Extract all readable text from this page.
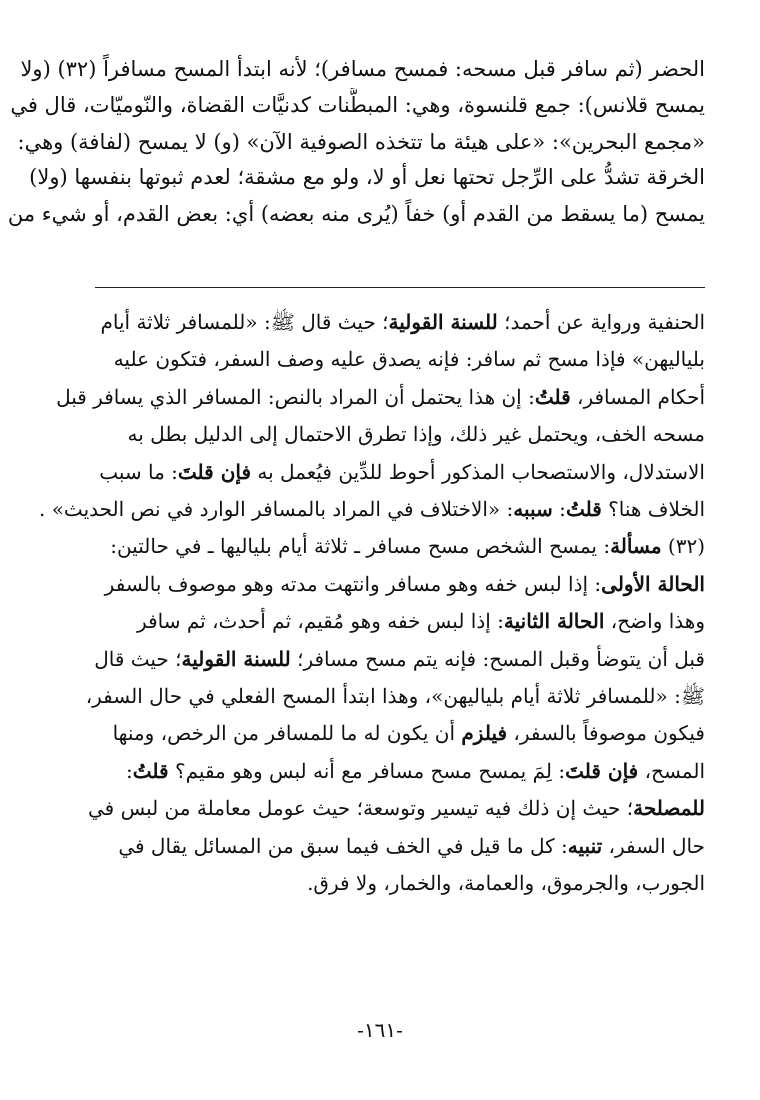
الحضر (ثم سافر قبل مسحه: فمسح مسافر)؛ لأنه ابتدأ المسح مسافراً (٣٢) (ولا
يمسح قلانس): جمع قلنسوة، وهي: المبطَّنات كدنيَّات القضاة، والنّوميّات، قال في
«مجمع البحرين»: «على هيئة ما تتخذه الصوفية الآن» (و) لا يمسح (لفافة) وهي:
الخرقة تشدُّ على الرِّجل تحتها نعل أو لا، ولو مع مشقة؛ لعدم ثبوتها بنفسها (ولا)
يمسح (ما يسقط من القدم أو) خفاً (يُرى منه بعضه) أي: بعض القدم، أو شيء من
الحنفية ورواية عن أحمد؛ للسنة القولية؛ حيث قال ﷺ: «للمسافر ثلاثة أيام
بلياليهن» فإذا مسح ثم سافر: فإنه يصدق عليه وصف السفر، فتكون عليه
أحكام المسافر، قلتُ: إن هذا يحتمل أن المراد بالنص: المسافر الذي يسافر قبل
مسحه الخف، ويحتمل غير ذلك، وإذا تطرق الاحتمال إلى الدليل بطل به
الاستدلال، والاستصحاب المذكور أحوط للدِّين فيُعمل به فإن قلتَ: ما سبب
الخلاف هنا؟ قلتُ: سببه: «الاختلاف في المراد بالمسافر الوارد في نص الحديث» .
(٣٢) مسألة: يمسح الشخص مسح مسافر ـ ثلاثة أيام بلياليها ـ في حالتين:
الحالة الأولى: إذا لبس خفه وهو مسافر وانتهت مدته وهو موصوف بالسفر
وهذا واضح، الحالة الثانية: إذا لبس خفه وهو مُقيم، ثم أحدث، ثم سافر
قبل أن يتوضأ وقبل المسح: فإنه يتم مسح مسافر؛ للسنة القولية؛ حيث قال
ﷺ: «للمسافر ثلاثة أيام بلياليهن»، وهذا ابتدأ المسح الفعلي في حال السفر،
فيكون موصوفاً بالسفر، فيلزم أن يكون له ما للمسافر من الرخص، ومنها
المسح، فإن قلتَ: لِمَ يمسح مسح مسافر مع أنه لبس وهو مقيم؟ قلتُ:
للمصلحة؛ حيث إن ذلك فيه تيسير وتوسعة؛ حيث عومل معاملة من لبس في
حال السفر، تنبيه: كل ما قيل في الخف فيما سبق من المسائل يقال في
الجورب، والجرموق، والعمامة، والخمار، ولا فرق.
-١٦١-
